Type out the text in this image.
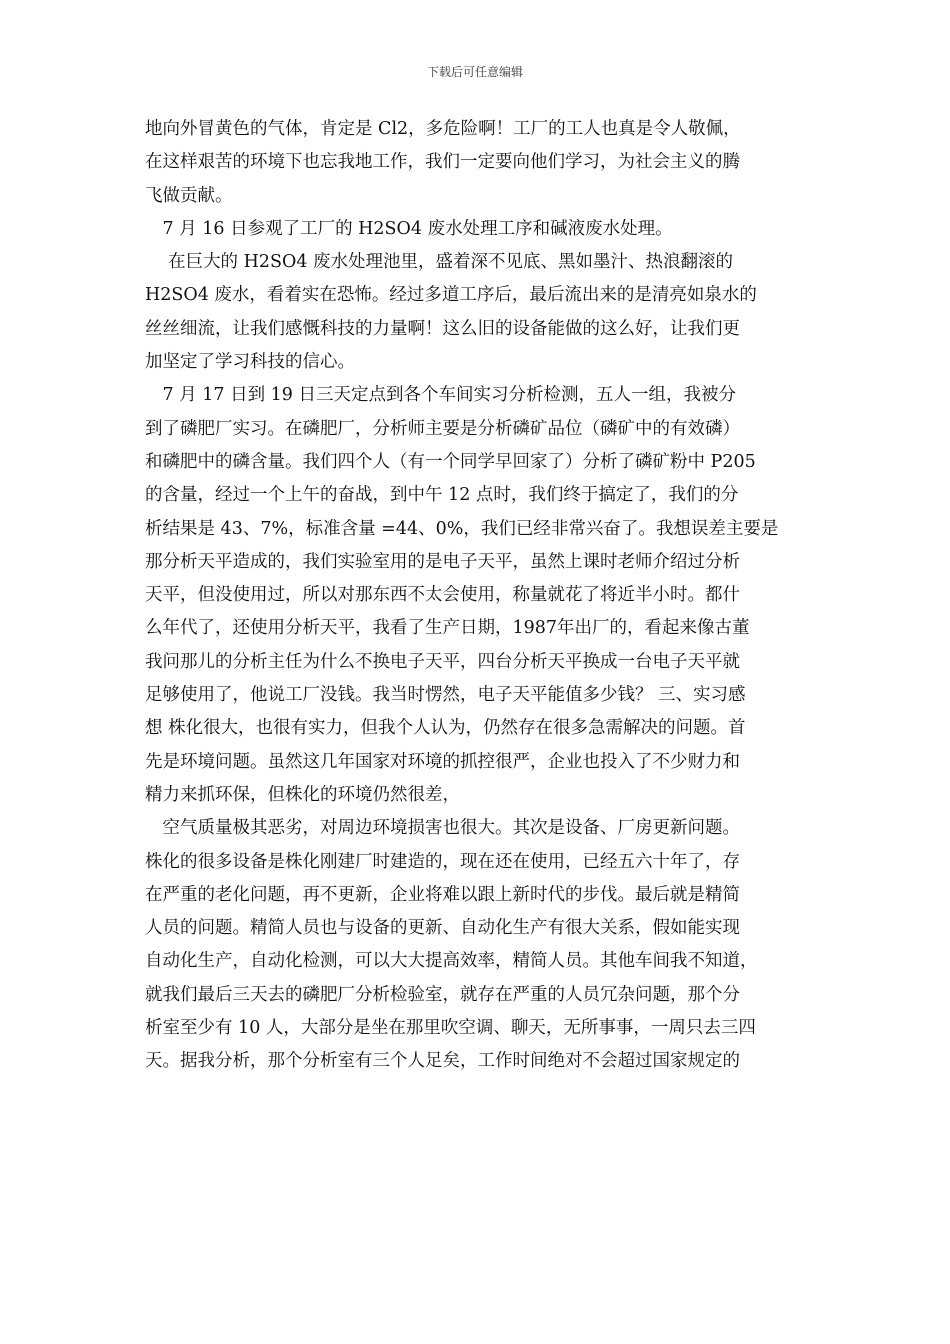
下载后可任意编辑
地向外冒黄色的气体，肯定是 Cl2，多危险啊！工厂的工人也真是令人敬佩，
在这样艰苦的环境下也忘我地工作，我们一定要向他们学习，为社会主义的腾
飞做贡献。
　7 月 16 日参观了工厂的 H2SO4 废水处理工序和碱液废水处理。
　 在巨大的 H2SO4 废水处理池里，盛着深不见底、黑如墨汁、热浪翻滚的
H2SO4 废水，看着实在恐怖。经过多道工序后，最后流出来的是清亮如泉水的
丝丝细流，让我们感慨科技的力量啊！这么旧的设备能做的这么好，让我们更
加坚定了学习科技的信心。
　7 月 17 日到 19 日三天定点到各个车间实习分析检测，五人一组，我被分
到了磷肥厂实习。在磷肥厂，分析师主要是分析磷矿品位（磷矿中的有效磷）
和磷肥中的磷含量。我们四个人（有一个同学早回家了）分析了磷矿粉中 P205
的含量，经过一个上午的奋战，到中午 12 点时，我们终于搞定了，我们的分
析结果是 43、7%，标准含量 =44、0%，我们已经非常兴奋了。我想误差主要是
那分析天平造成的，我们实验室用的是电子天平，虽然上课时老师介绍过分析
天平，但没使用过，所以对那东西不太会使用，称量就花了将近半小时。都什
么年代了，还使用分析天平，我看了生产日期，1987年出厂的，看起来像古董
我问那儿的分析主任为什么不换电子天平，四台分析天平换成一台电子天平就
足够使用了，他说工厂没钱。我当时愣然，电子天平能值多少钱？ 三、实习感
想 株化很大，也很有实力，但我个人认为，仍然存在很多急需解决的问题。首
先是环境问题。虽然这几年国家对环境的抓控很严，企业也投入了不少财力和
精力来抓环保，但株化的环境仍然很差，
　空气质量极其恶劣，对周边环境损害也很大。其次是设备、厂房更新问题。
株化的很多设备是株化刚建厂时建造的，现在还在使用，已经五六十年了，存
在严重的老化问题，再不更新，企业将难以跟上新时代的步伐。最后就是精简
人员的问题。精简人员也与设备的更新、自动化生产有很大关系，假如能实现
自动化生产，自动化检测，可以大大提高效率，精简人员。其他车间我不知道，
就我们最后三天去的磷肥厂分析检验室，就存在严重的人员冗杂问题，那个分
析室至少有 10 人，大部分是坐在那里吹空调、聊天，无所事事，一周只去三四
天。据我分析，那个分析室有三个人足矣，工作时间绝对不会超过国家规定的
